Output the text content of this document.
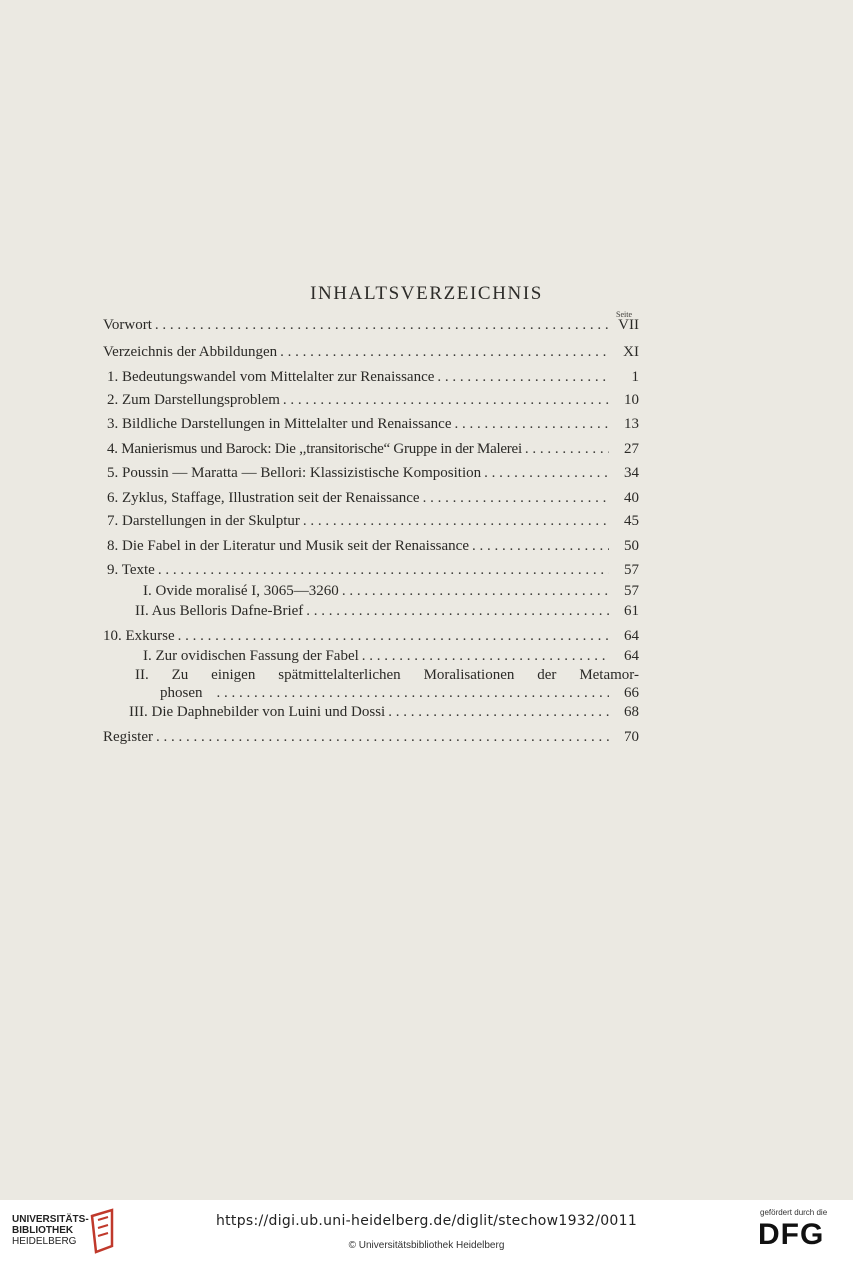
INHALTSVERZEICHNIS
Seite
Vorwort . . .	VII
Verzeichnis der Abbildungen . . .	XI
1. Bedeutungswandel vom Mittelalter zur Renaissance . . .	1
2. Zum Darstellungsproblem . . .	10
3. Bildliche Darstellungen in Mittelalter und Renaissance . . .	13
4. Manierismus und Barock: Die ,,transitorische“ Gruppe in der Malerei . . .	27
5. Poussin — Maratta — Bellori: Klassizistische Komposition . . .	34
6. Zyklus, Staffage, Illustration seit der Renaissance . . .	40
7. Darstellungen in der Skulptur . . .	45
8. Die Fabel in der Literatur und Musik seit der Renaissance . . .	50
9. Texte . . .	57
I. Ovide moralisé I, 3065—3260 . . .	57
II. Aus Belloris Dafne-Brief . . .	61
10. Exkurse . . .	64
I. Zur ovidischen Fassung der Fabel . . .	64
II. Zu einigen spätmittelalterlichen Moralisationen der Metamor-
phosen . . .	66
III. Die Daphnebilder von Luini und Dossi . . .	68
Register . . .	70
UNIVERSITÄTS-
BIBLIOTHEK
HEIDELBERG
https://digi.ub.uni-heidelberg.de/diglit/stechow1932/0011
© Universitätsbibliothek Heidelberg
gefördert durch die
DFG
